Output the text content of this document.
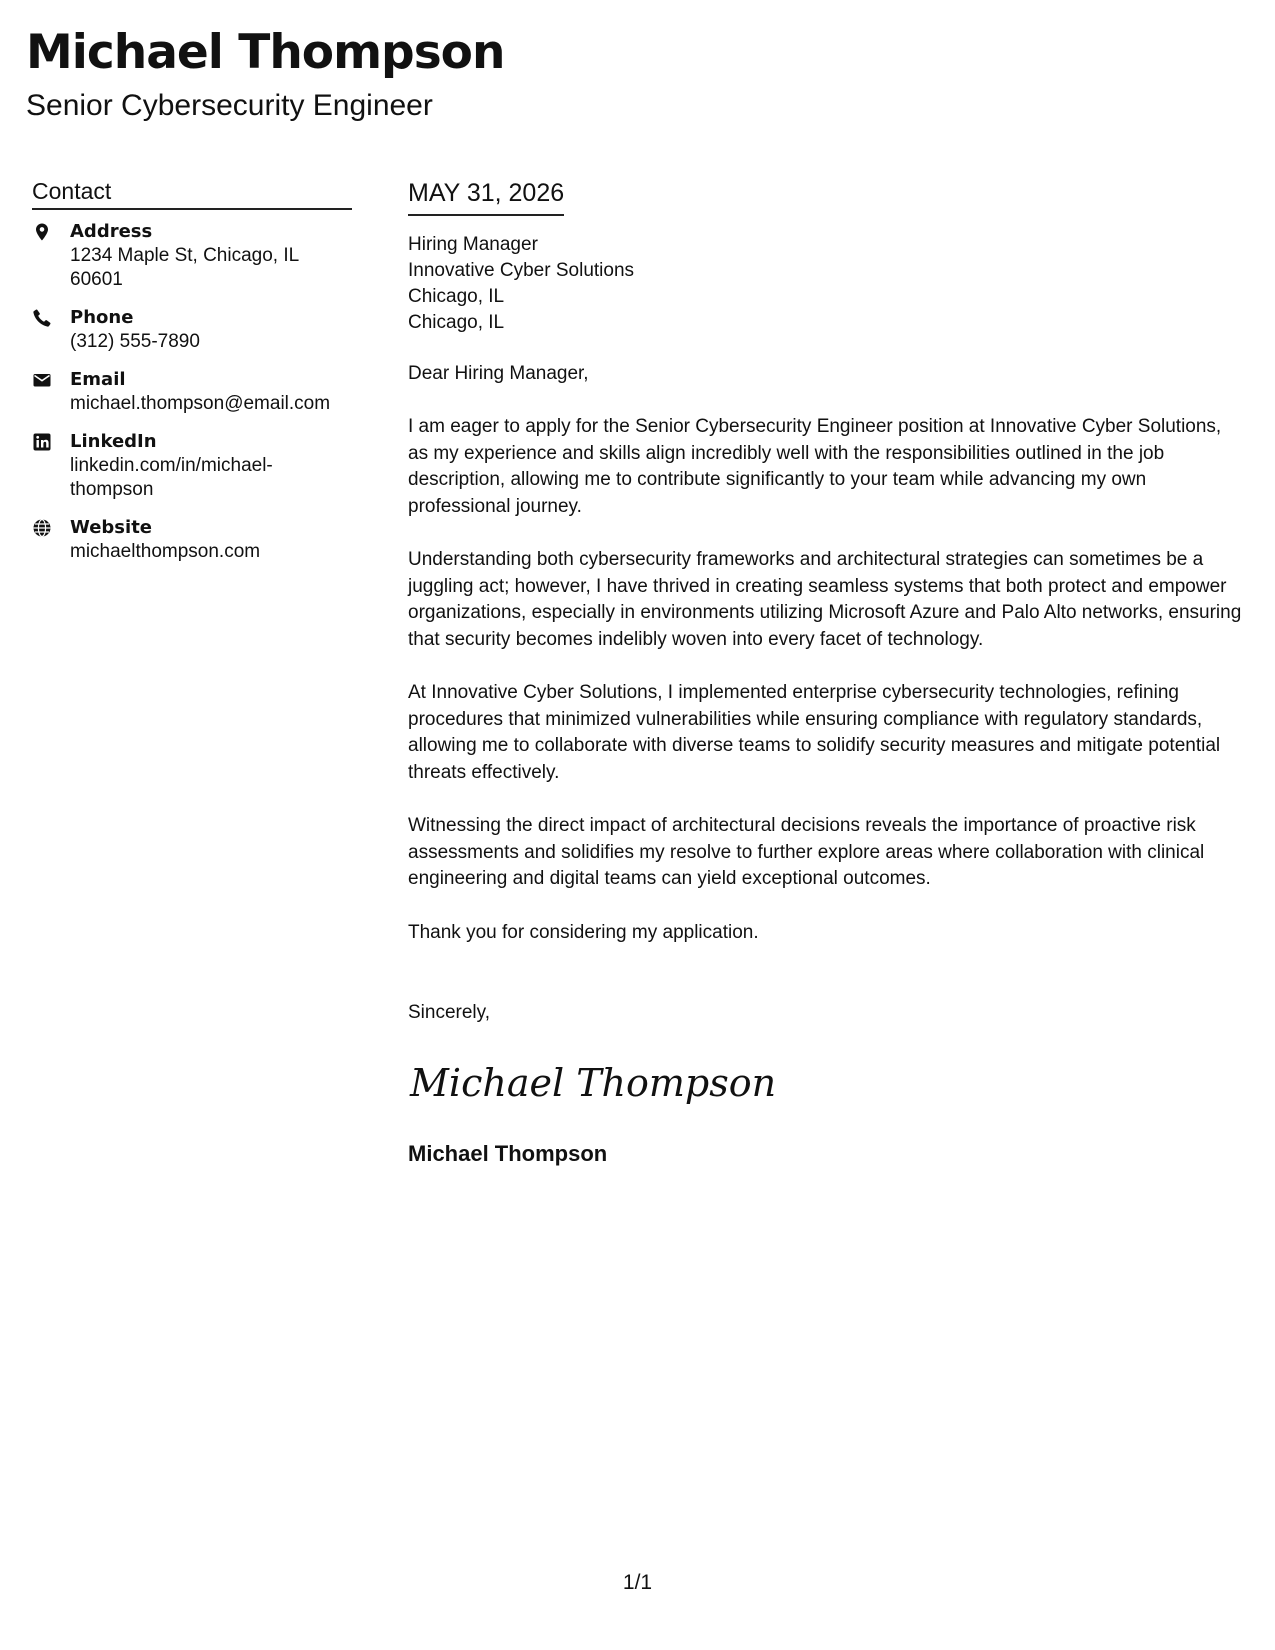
Michael Thompson
Senior Cybersecurity Engineer
Contact
Address
1234 Maple St, Chicago, IL 60601
Phone
(312) 555-7890
Email
michael.thompson@email.com
LinkedIn
linkedin.com/in/michael-thompson
Website
michaelthompson.com
MAY 31, 2026
Hiring Manager
Innovative Cyber Solutions
Chicago, IL
Chicago, IL
Dear Hiring Manager,

I am eager to apply for the Senior Cybersecurity Engineer position at Innovative Cyber Solutions, as my experience and skills align incredibly well with the responsibilities outlined in the job description, allowing me to contribute significantly to your team while advancing my own professional journey.

Understanding both cybersecurity frameworks and architectural strategies can sometimes be a juggling act; however, I have thrived in creating seamless systems that both protect and empower organizations, especially in environments utilizing Microsoft Azure and Palo Alto networks, ensuring that security becomes indelibly woven into every facet of technology.

At Innovative Cyber Solutions, I implemented enterprise cybersecurity technologies, refining procedures that minimized vulnerabilities while ensuring compliance with regulatory standards, allowing me to collaborate with diverse teams to solidify security measures and mitigate potential threats effectively.

Witnessing the direct impact of architectural decisions reveals the importance of proactive risk assessments and solidifies my resolve to further explore areas where collaboration with clinical engineering and digital teams can yield exceptional outcomes.

Thank you for considering my application.

Sincerely,
Michael Thompson
Michael Thompson
1/1
